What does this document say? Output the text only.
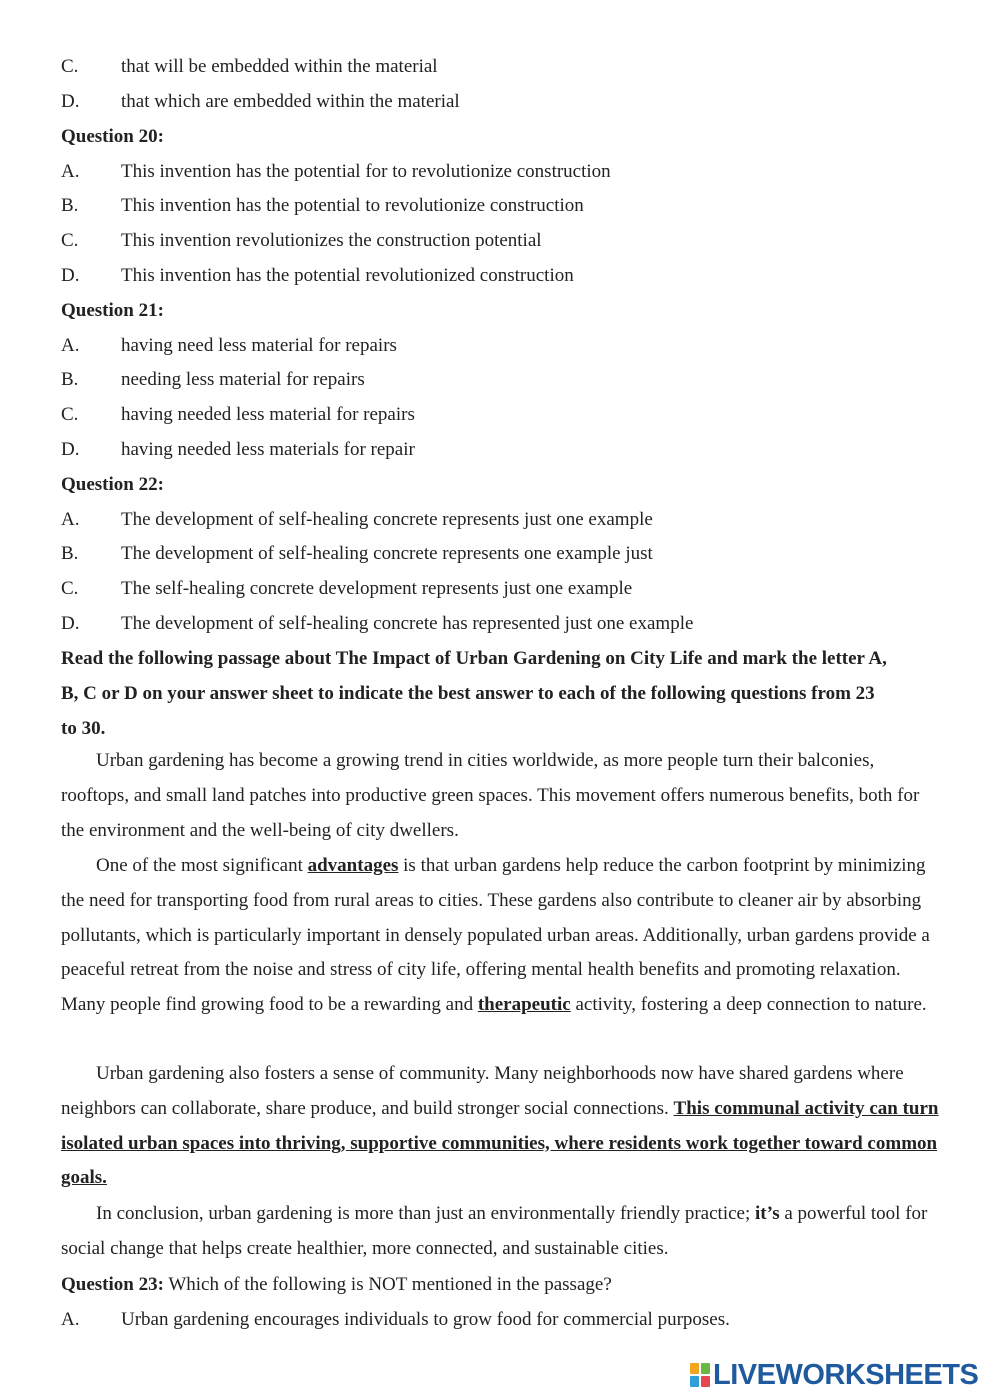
C. that will be embedded within the material
D. that which are embedded within the material
Question 20:
A. This invention has the potential for to revolutionize construction
B. This invention has the potential to revolutionize construction
C. This invention revolutionizes the construction potential
D. This invention has the potential revolutionized construction
Question 21:
A. having need less material for repairs
B. needing less material for repairs
C. having needed less material for repairs
D. having needed less materials for repair
Question 22:
A. The development of self-healing concrete represents just one example
B. The development of self-healing concrete represents one example just
C. The self-healing concrete development represents just one example
D. The development of self-healing concrete has represented just one example
Read the following passage about The Impact of Urban Gardening on City Life and mark the letter A,
B, C or D on your answer sheet to indicate the best answer to each of the following questions from 23
to 30.
Urban gardening has become a growing trend in cities worldwide, as more people turn their balconies, rooftops, and small land patches into productive green spaces. This movement offers numerous benefits, both for the environment and the well-being of city dwellers.
One of the most significant advantages is that urban gardens help reduce the carbon footprint by minimizing the need for transporting food from rural areas to cities. These gardens also contribute to cleaner air by absorbing pollutants, which is particularly important in densely populated urban areas. Additionally, urban gardens provide a peaceful retreat from the noise and stress of city life, offering mental health benefits and promoting relaxation. Many people find growing food to be a rewarding and therapeutic activity, fostering a deep connection to nature.
Urban gardening also fosters a sense of community. Many neighborhoods now have shared gardens where neighbors can collaborate, share produce, and build stronger social connections. This communal activity can turn isolated urban spaces into thriving, supportive communities, where residents work together toward common goals.
In conclusion, urban gardening is more than just an environmentally friendly practice; it’s a powerful tool for social change that helps create healthier, more connected, and sustainable cities.
Question 23: Which of the following is NOT mentioned in the passage?
A. Urban gardening encourages individuals to grow food for commercial purposes.
LIVEWORKSHEETS
